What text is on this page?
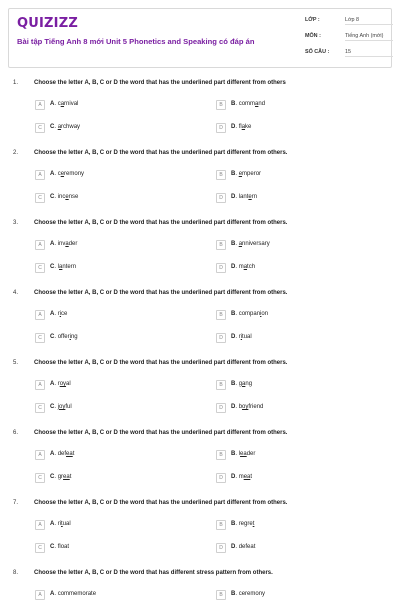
QUIZIZZ
Bài tập Tiếng Anh 8 mới Unit 5 Phonetics and Speaking có đáp án
LỚP :	Lớp 8
MÔN :	Tiếng Anh (mới)
SỐ CÂU :	15
1.	Choose the letter A, B, C or D the word that has the underlined part different from others
A	A. carnival	B	B. command
C	C. archway	D	D. flake
2.	Choose the letter A, B, C or D the word that has the underlined part different from others.
A	A. ceremony	B	B. emperor
C	C. incense	D	D. lantern
3.	Choose the letter A, B, C or D the word that has the underlined part different from others.
A	A. invader	B	B. anniversary
C	C. lantern	D	D. match
4.	Choose the letter A, B, C or D the word that has the underlined part different from others.
A	A. rice	B	B. companion
C	C. offering	D	D. ritual
5.	Choose the letter A, B, C or D the word that has the underlined part different from others.
A	A. royal	B	B. gang
C	C. joyful	D	D. boyfriend
6.	Choose the letter A, B, C or D the word that has the underlined part different from others.
A	A. defeat	B	B. leader
C	C. great	D	D. meat
7.	Choose the letter A, B, C or D the word that has the underlined part different from others.
A	A. ritual	B	B. regret
C	C. float	D	D. defeat
8.	Choose the letter A, B, C or D the word that has different stress pattern from others.
A	A. commemorate	B	B. ceremony
